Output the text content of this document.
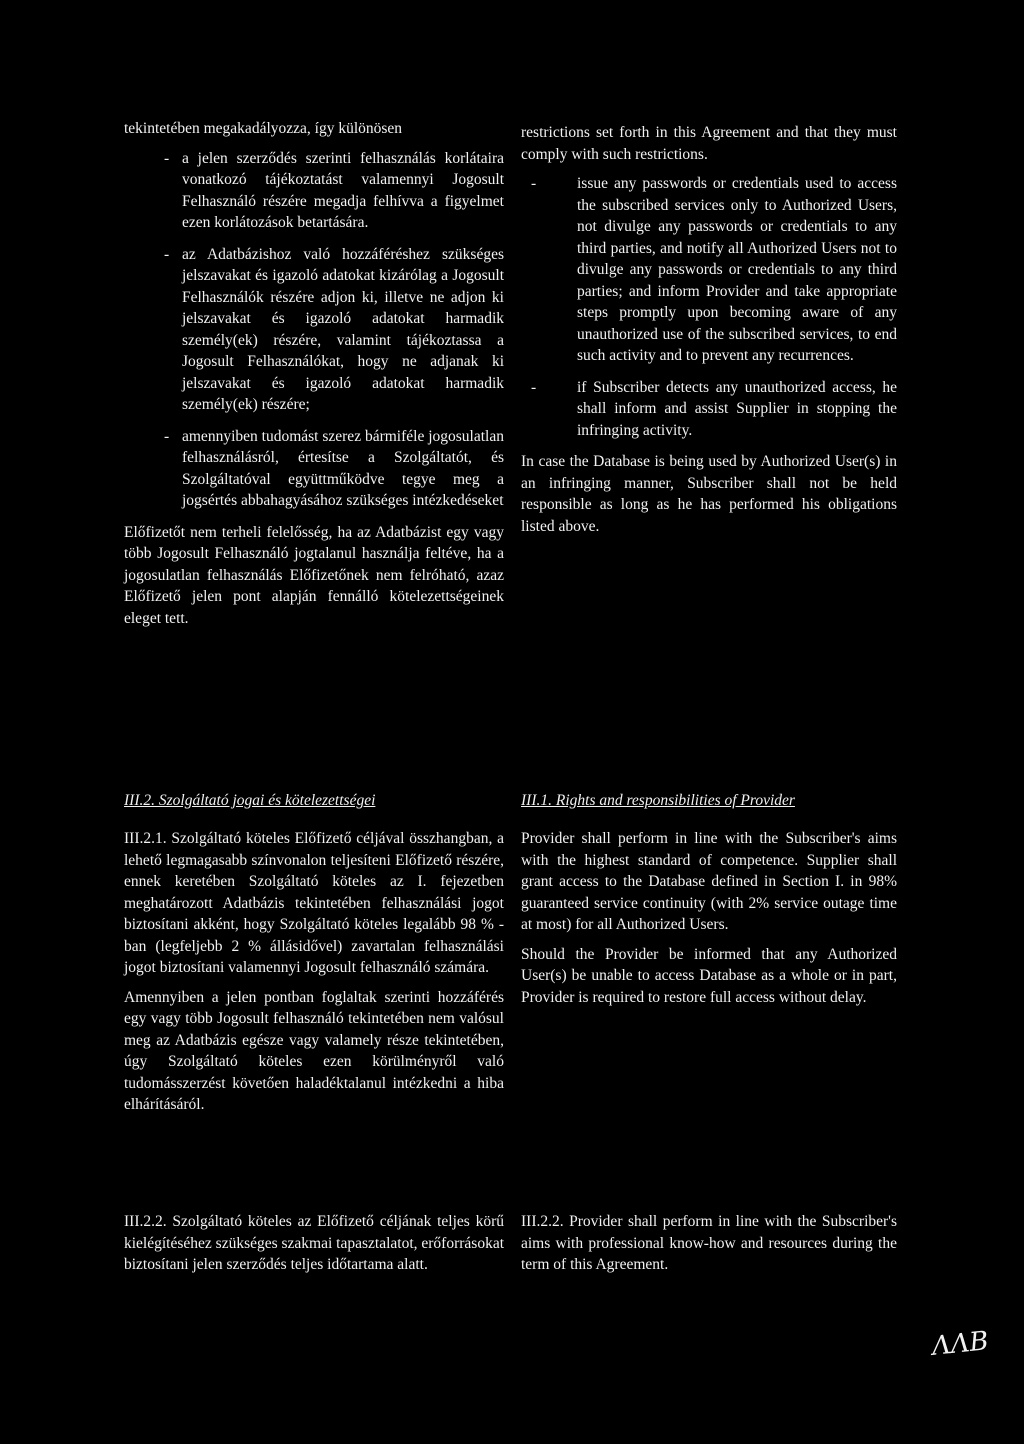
tekintetében megakadályozza, így különösen

- a jelen szerződés szerinti felhasználás korlátaira vonatkozó tájékoztatást valamennyi Jogosult Felhasználó részére megadja felhívva a figyelmet ezen korlátozások betartására.
- az Adatbázishoz való hozzáféréshez szükséges jelszavakat és igazoló adatokat kizárólag a Jogosult Felhasználók részére adjon ki, illetve ne adjon ki jelszavakat és igazoló adatokat harmadik személy(ek) részére, valamint tájékoztassa a Jogosult Felhasználókat, hogy ne adjanak ki jelszavakat és igazoló adatokat harmadik személy(ek) részére;
- amennyiben tudomást szerez bármiféle jogosulatlan felhasználásról, értesítse a Szolgáltatót, és Szolgáltatóval együttműködve tegye meg a jogsértés abbahagyásához szükséges intézkedéseket

Előfizetőt nem terheli felelősség, ha az Adatbázist egy vagy több Jogosult Felhasználó jogtalanul használja feltéve, ha a jogosulatlan felhasználás Előfizetőnek nem felróható, azaz Előfizető jelen pont alapján fennálló kötelezettségeinek eleget tett.

III.2. Szolgáltató jogai és kötelezettségei

III.2.1. Szolgáltató köteles Előfizető céljával összhangban, a lehető legmagasabb színvonalon teljesíteni Előfizető részére, ennek keretében Szolgáltató köteles az I. fejezetben meghatározott Adatbázis tekintetében felhasználási jogot biztosítani akként, hogy Szolgáltató köteles legalább 98 % -ban (legfeljebb 2 % állásidővel) zavartalan felhasználási jogot biztosítani valamennyi Jogosult felhasználó számára.

Amennyiben a jelen pontban foglaltak szerinti hozzáférés egy vagy több Jogosult felhasználó tekintetében nem valósul meg az Adatbázis egésze vagy valamely része tekintetében, úgy Szolgáltató köteles ezen körülményről való tudomásszerzést követően haladéktalanul intézkedni a hiba elhárításáról.

III.2.2. Szolgáltató köteles az Előfizető céljának teljes körű kielégítéséhez szükséges szakmai tapasztalatot, erőforrásokat biztosítani jelen szerződés teljes időtartama alatt.

restrictions set forth in this Agreement and that they must comply with such restrictions.

-	issue any passwords or credentials used to access the subscribed services only to Authorized Users, not divulge any passwords or credentials to any third parties, and notify all Authorized Users not to divulge any passwords or credentials to any third parties; and inform Provider and take appropriate steps promptly upon becoming aware of any unauthorized use of the subscribed services, to end such activity and to prevent any recurrences.
-	if Subscriber detects any unauthorized access, he shall inform and assist Supplier in stopping the infringing activity.

In case the Database is being used by Authorized User(s) in an infringing manner, Subscriber shall not be held responsible as long as he has performed his obligations listed above.

III.1. Rights and responsibilities of Provider

Provider shall perform in line with the Subscriber's aims with the highest standard of competence. Supplier shall grant access to the Database defined in Section I. in 98% guaranteed service continuity (with 2% service outage time at most) for all Authorized Users.

Should the Provider be informed that any Authorized User(s) be unable to access Database as a whole or in part, Provider is required to restore full access without delay.

III.2.2. Provider shall perform in line with the Subscriber's aims with professional know-how and resources during the term of this Agreement.

ΛΛB
